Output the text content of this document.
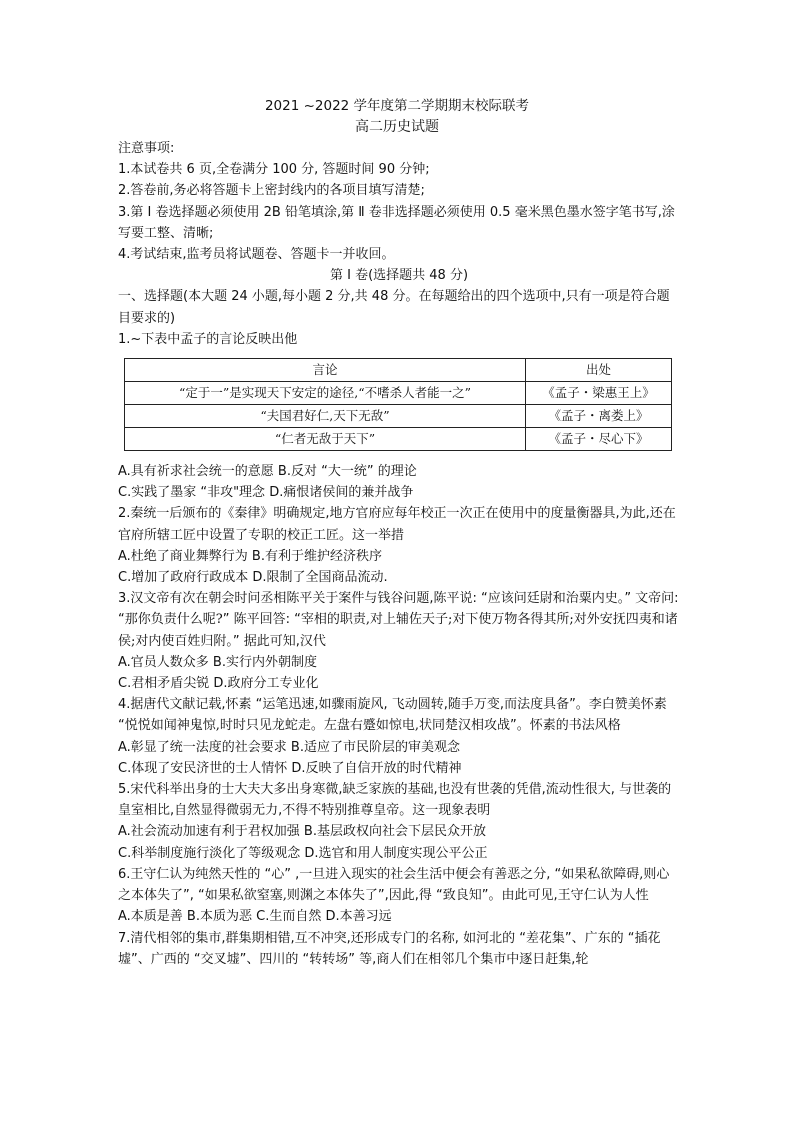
2021 ~2022 学年度第二学期期末校际联考
高二历史试题

注意事项:

1.本试卷共 6 页,全卷满分 100 分, 答题时间 90 分钟;

2.答卷前,务必将答题卡上密封线内的各项目填写清楚;

3.第 I 卷选择题必须使用 2B 铅笔填涂,第 Ⅱ 卷非选择题必须使用 0.5 毫米黑色墨水签字笔书写,涂写要工整、清晰;

4.考试结束,监考员将试题卷、答题卡一并收回。

第 I 卷(选择题共 48 分)

一、选择题(本大题 24 小题,每小题 2 分,共 48 分。在每题给出的四个选项中,只有一项是符合题目要求的)

1.~下表中孟子的言论反映出他

言论	出处
“定于一”是实现天下安定的途径,“不嗜杀人者能一之”	《孟子・梁惠王上》
“夫国君好仁,天下无敌”	《孟子・离娄上》
“仁者无敌于天下”	《孟子・尽心下》

A.具有祈求社会统一的意愿 B.反对 “大一统” 的理论

C.实践了墨家 “非攻"理念 D.痛恨诸侯间的兼并战争

2.秦统一后颁布的《秦律》明确规定,地方官府应每年校正一次正在使用中的度量衡器具,为此,还在官府所辖工匠中设置了专职的校正工匠。这一举措

A.杜绝了商业舞弊行为 B.有利于维护经济秩序

C.增加了政府行政成本 D.限制了全国商品流动.

3.汉文帝有次在朝会时问丞相陈平关于案件与钱谷问题,陈平说: “应该问廷尉和治粟内史。” 文帝问: “那你负责什么呢?” 陈平回答: “宰相的职责,对上辅佐天子;对下使万物各得其所;对外安抚四夷和诸侯;对内使百姓归附。” 据此可知,汉代

A.官员人数众多 B.实行内外朝制度

C.君相矛盾尖锐 D.政府分工专业化

4.据唐代文献记载,怀素 “运笔迅速,如骤雨旋风, 飞动圆转,随手万变,而法度具备”。李白赞美怀素 “悦悦如闻神鬼惊,时时只见龙蛇走。左盘右蹙如惊电,状同楚汉相攻战”。怀素的书法风格

A.彰显了统一法度的社会要求 B.适应了市民阶层的审美观念

C.体现了安民济世的士人情怀 D.反映了自信开放的时代精神

5.宋代科举出身的士大夫大多出身寒微,缺乏家族的基础,也没有世袭的凭借,流动性很大, 与世袭的皇室相比,自然显得微弱无力,不得不特别推尊皇帝。这一现象表明

A.社会流动加速有利于君权加强 B.基层政权向社会下层民众开放

C.科举制度施行淡化了等级观念 D.选官和用人制度实现公平公正

6.王守仁认为纯然天性的 “心” ,一旦进入现实的社会生活中便会有善恶之分, “如果私欲障碍,则心之本体失了”, “如果私欲窒塞,则渊之本体失了”,因此,得 “致良知”。由此可见,王守仁认为人性

A.本质是善 B.本质为恶 C.生而自然 D.本善习远

7.清代相邻的集市,群集期相错,互不冲突,还形成专门的名称, 如河北的 “差花集”、广东的 “插花墟”、广西的 “交叉墟”、四川的 “转转场” 等,商人们在相邻几个集市中逐日赶集,轮
